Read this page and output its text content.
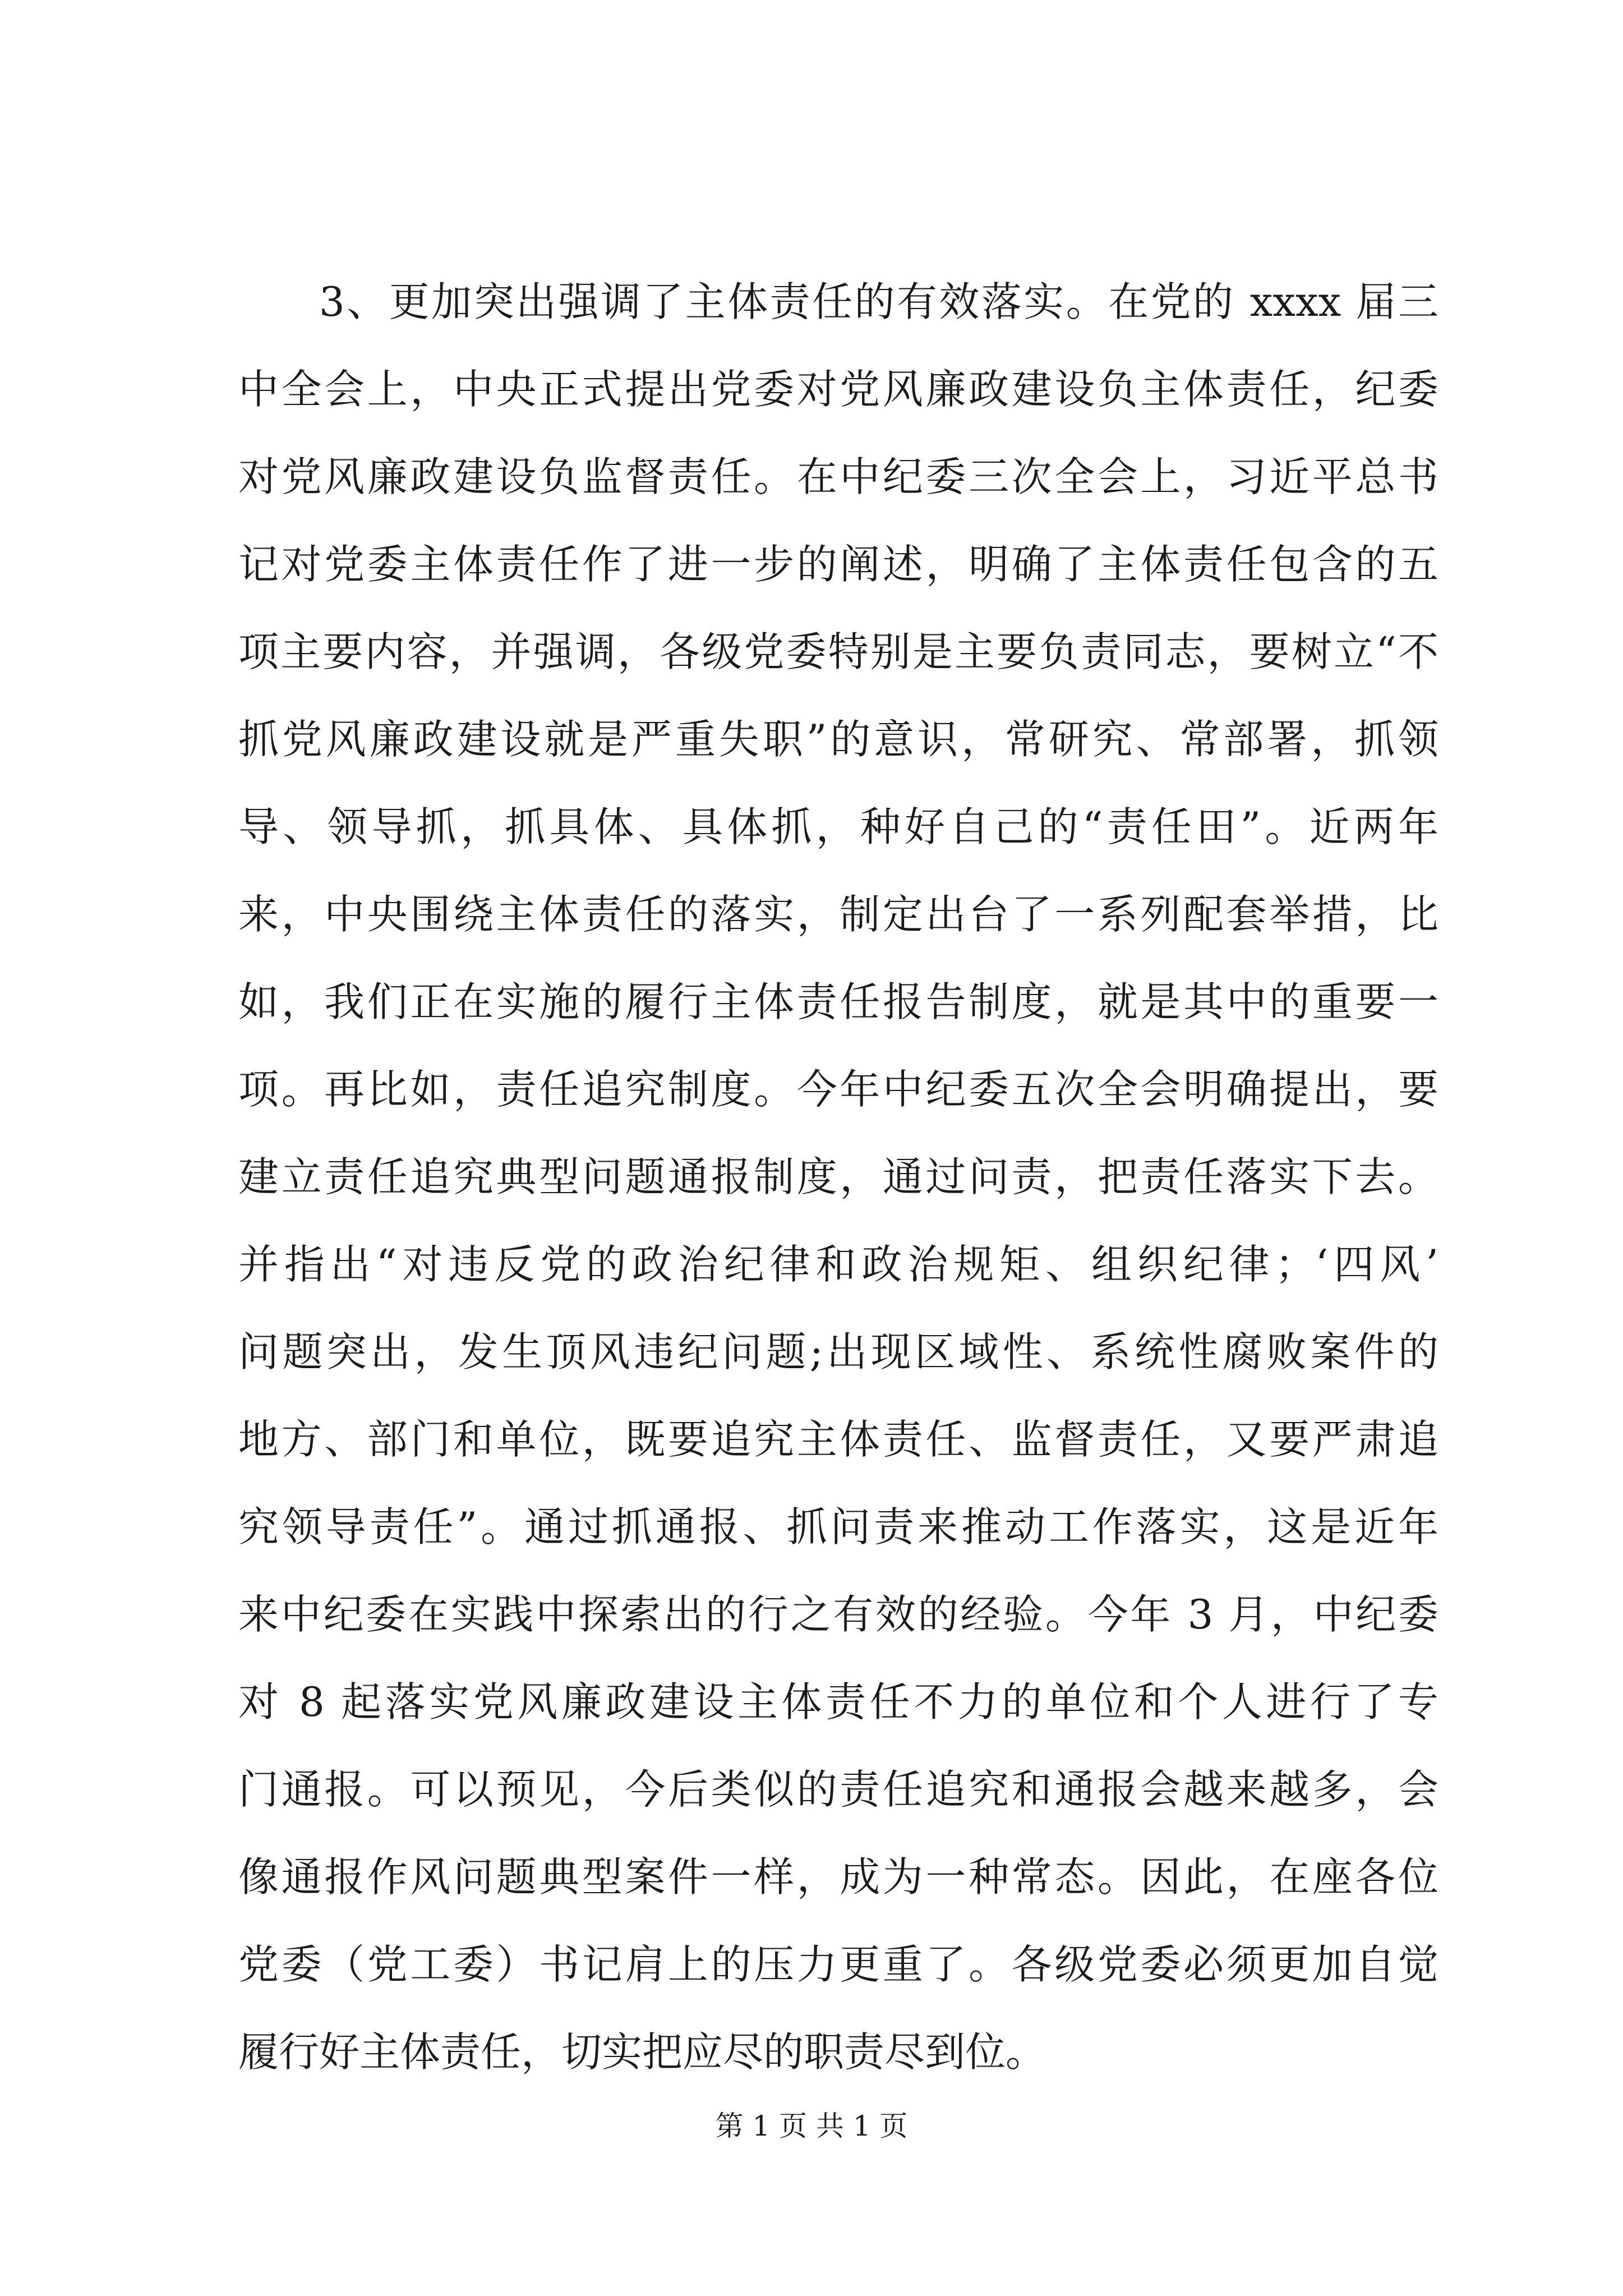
3、更加突出强调了主体责任的有效落实。在党的 xxxx 届三
中全会上，中央正式提出党委对党风廉政建设负主体责任，纪委
对党风廉政建设负监督责任。在中纪委三次全会上，习近平总书
记对党委主体责任作了进一步的阐述，明确了主体责任包含的五
项主要内容，并强调，各级党委特别是主要负责同志，要树立“不
抓党风廉政建设就是严重失职”的意识，常研究、常部署，抓领
导、领导抓，抓具体、具体抓，种好自己的“责任田”。近两年
来，中央围绕主体责任的落实，制定出台了一系列配套举措，比
如，我们正在实施的履行主体责任报告制度，就是其中的重要一
项。再比如，责任追究制度。今年中纪委五次全会明确提出，要
建立责任追究典型问题通报制度，通过问责，把责任落实下去。
并指出“对违反党的政治纪律和政治规矩、组织纪律；‘四风’
问题突出，发生顶风违纪问题;出现区域性、系统性腐败案件的
地方、部门和单位，既要追究主体责任、监督责任，又要严肃追
究领导责任”。通过抓通报、抓问责来推动工作落实，这是近年
来中纪委在实践中探索出的行之有效的经验。今年 3 月，中纪委
对 8 起落实党风廉政建设主体责任不力的单位和个人进行了专
门通报。可以预见，今后类似的责任追究和通报会越来越多，会
像通报作风问题典型案件一样，成为一种常态。因此，在座各位
党委（党工委）书记肩上的压力更重了。各级党委必须更加自觉
履行好主体责任，切实把应尽的职责尽到位。
第 1 页 共 1 页
